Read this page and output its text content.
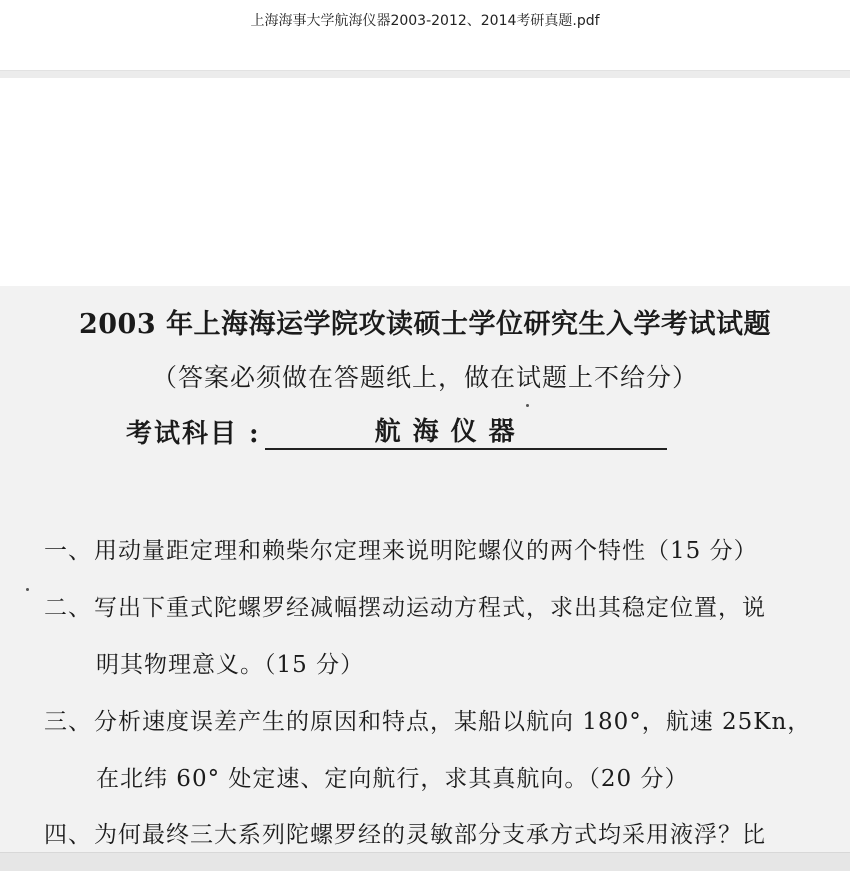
上海海事大学航海仪器2003-2012、2014考研真题.pdf
2003 年上海海运学院攻读硕士学位研究生入学考试试题
（答案必须做在答题纸上，做在试题上不给分）
考试科目 :	航海仪器
一、用动量距定理和赖柴尔定理来说明陀螺仪的两个特性（15 分）
二、写出下重式陀螺罗经减幅摆动运动方程式，求出其稳定位置，说
明其物理意义。（15 分）
三、分析速度误差产生的原因和特点，某船以航向 180°，航速 25Kn，
在北纬 60° 处定速、定向航行，求其真航向。（20 分）
四、为何最终三大系列陀螺罗经的灵敏部分支承方式均采用液浮？比
